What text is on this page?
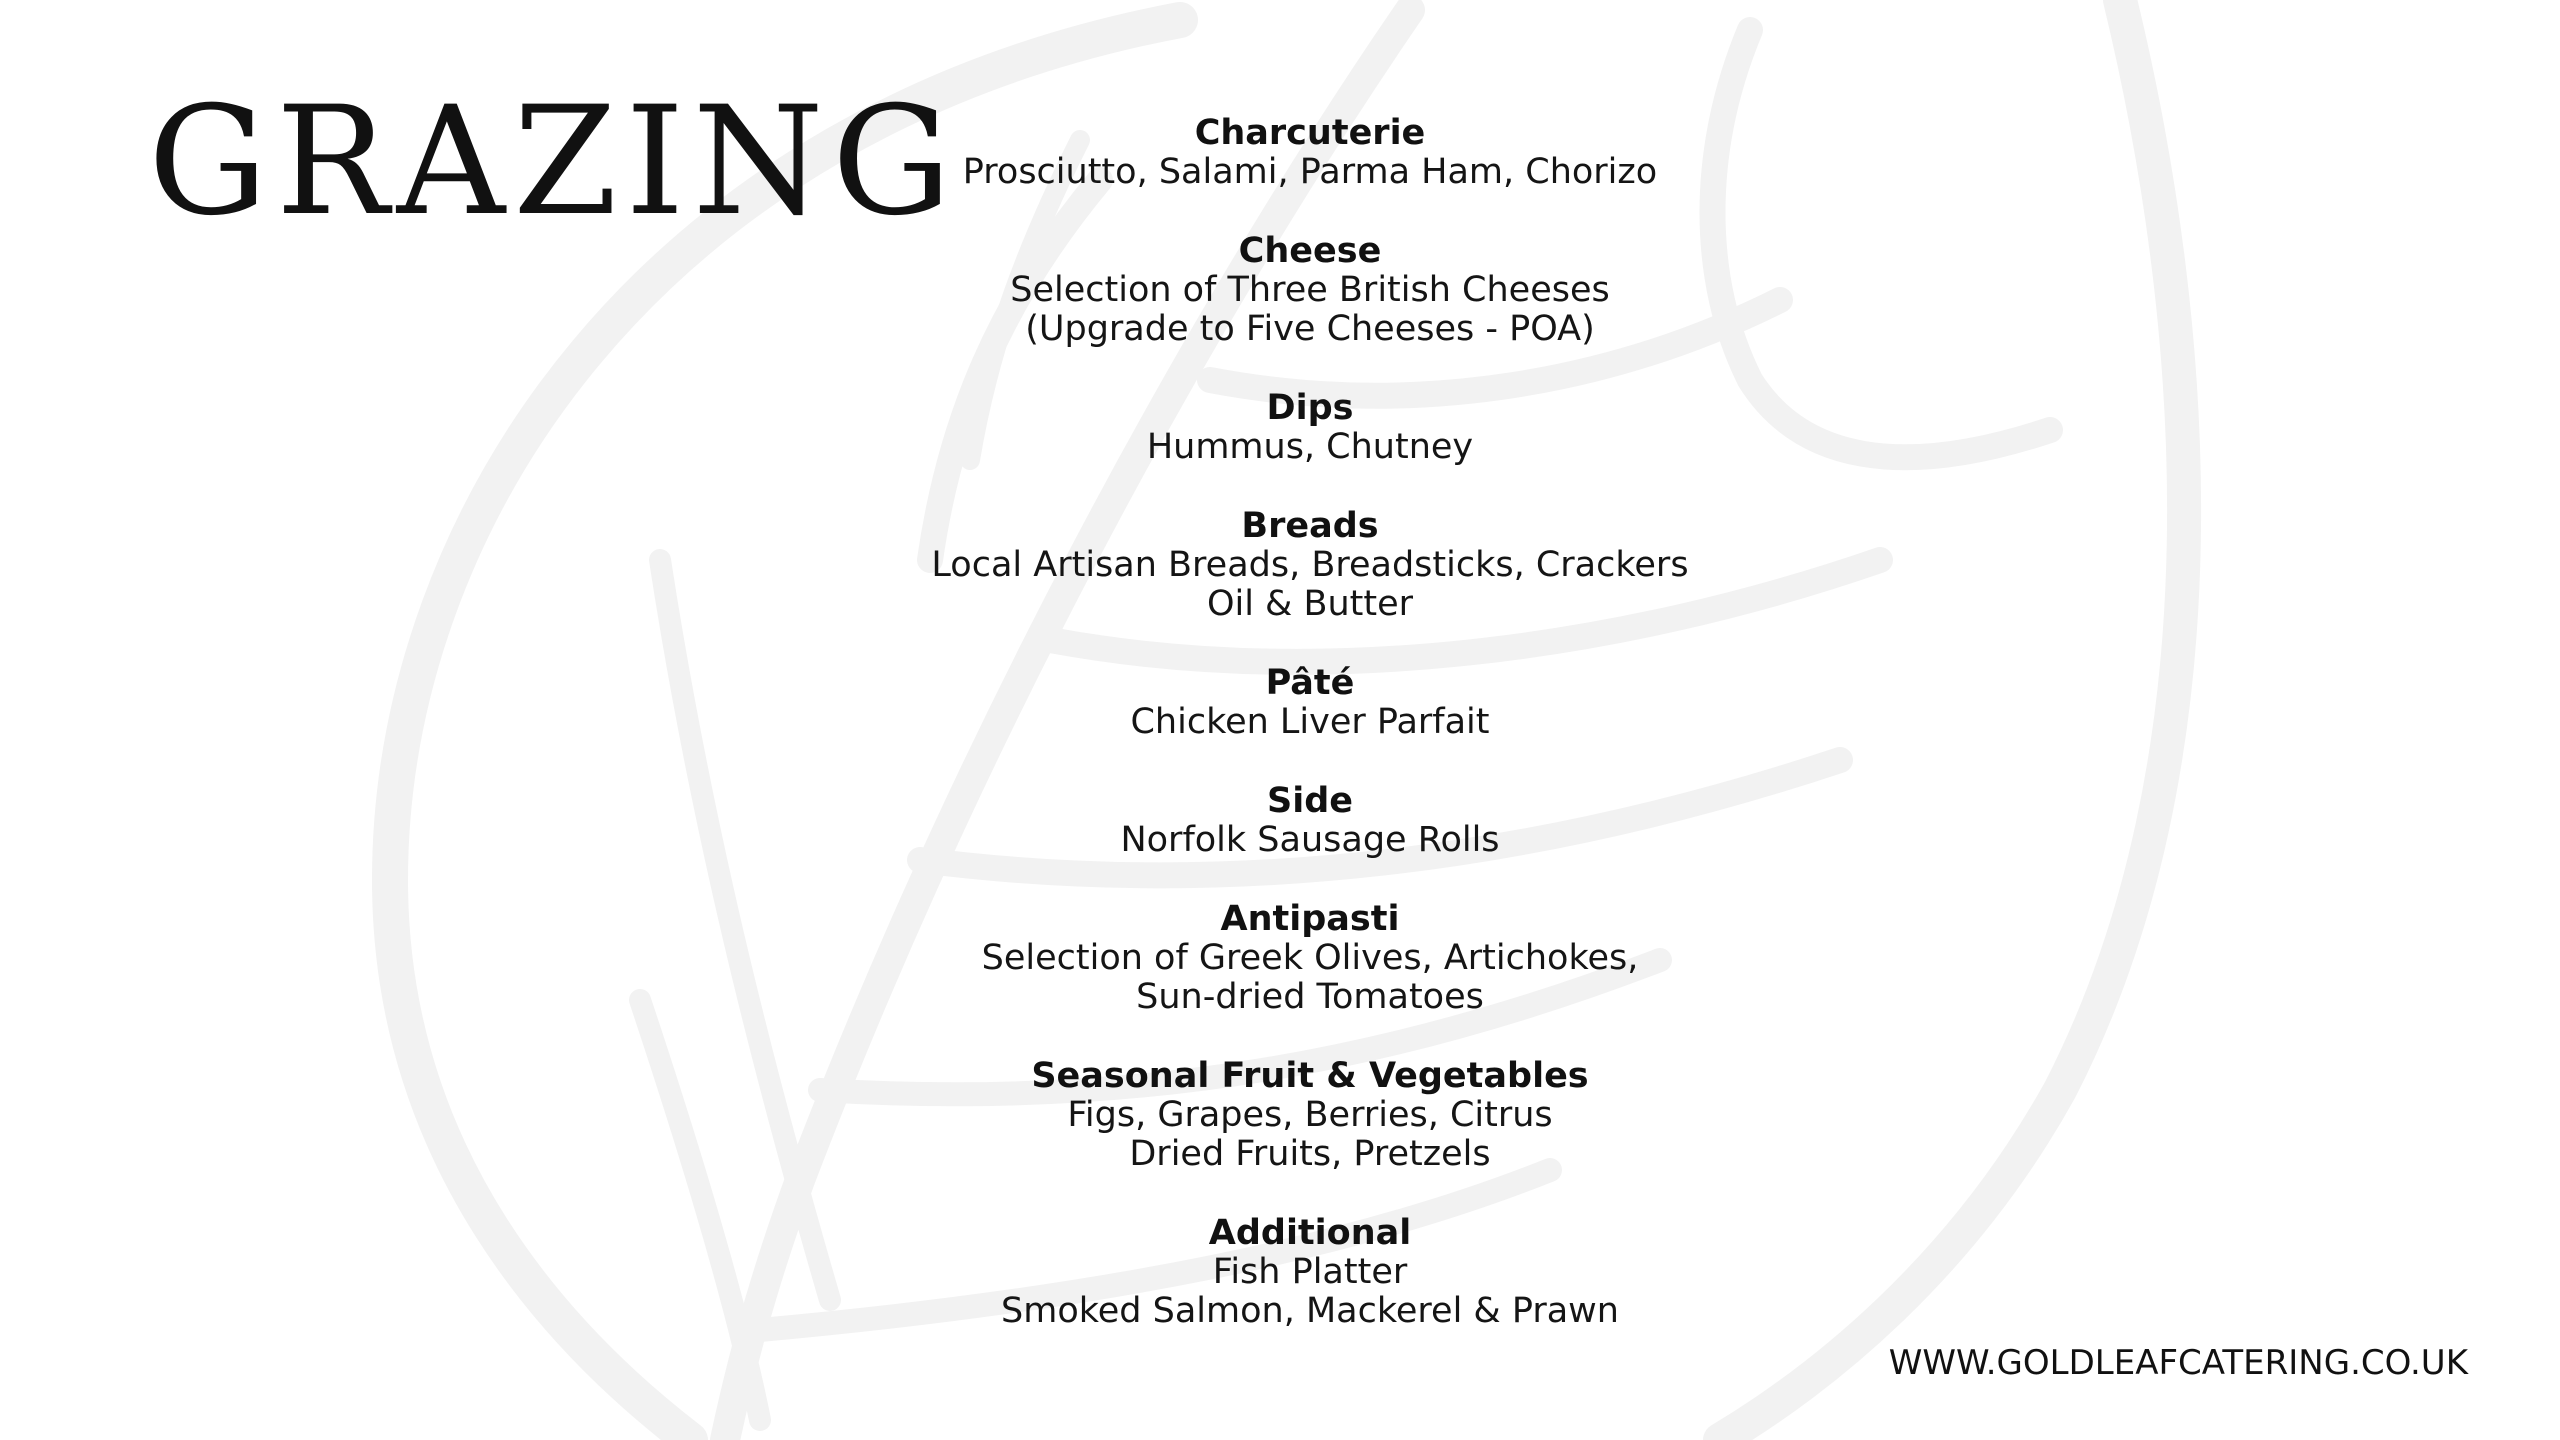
GRAZING	Charcuterie
Prosciutto, Salami, Parma Ham, Chorizo
Cheese
Selection of Three British Cheeses
(Upgrade to Five Cheeses - POA)
Dips
Hummus, Chutney
Breads
Local Artisan Breads, Breadsticks, Crackers
Oil & Butter
Pâté
Chicken Liver Parfait
Side
Norfolk Sausage Rolls
Antipasti
Selection of Greek Olives, Artichokes,
Sun-dried Tomatoes
Seasonal Fruit & Vegetables
Figs, Grapes, Berries, Citrus
Dried Fruits, Pretzels
Additional
Fish Platter
Smoked Salmon, Mackerel & Prawn

WWW.GOLDLEAFCATERING.CO.UK
